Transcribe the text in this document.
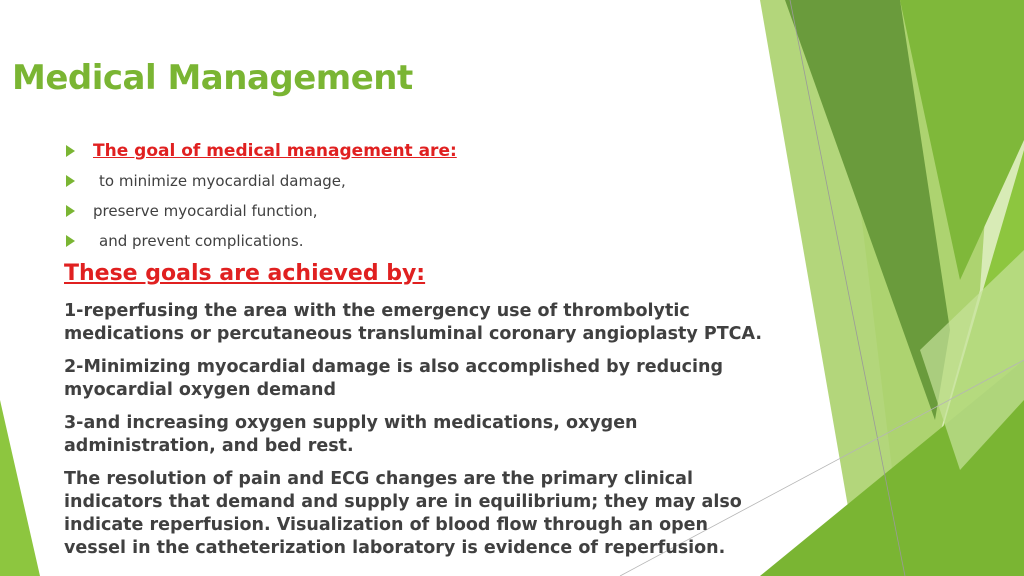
Medical Management
The goal of medical management are:
to minimize myocardial damage,
preserve myocardial function,
and prevent complications.
These goals are achieved by:

1-reperfusing the area with the emergency use of thrombolytic
medications or percutaneous transluminal coronary angioplasty PTCA.

2-Minimizing myocardial damage is also accomplished by reducing
myocardial oxygen demand

3-and increasing oxygen supply with medications, oxygen
administration, and bed rest.

The resolution of pain and ECG changes are the primary clinical
indicators that demand and supply are in equilibrium; they may also
indicate reperfusion. Visualization of blood flow through an open
vessel in the catheterization laboratory is evidence of reperfusion.
